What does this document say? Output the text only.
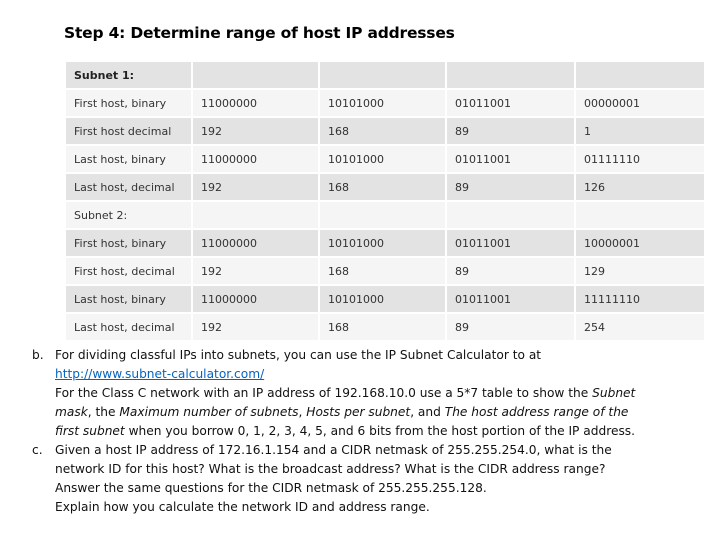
Step 4: Determine range of host IP addresses
Subnet 1:				
First host, binary	11000000	10101000	01011001	00000001
First host decimal	192	168	89	1
Last host, binary	11000000	10101000	01011001	01111110
Last host, decimal	192	168	89	126
Subnet 2:				
First host, binary	11000000	10101000	01011001	10000001
First host, decimal	192	168	89	129
Last host, binary	11000000	10101000	01011001	11111110
Last host, decimal	192	168	89	254
b. For dividing classful IPs into subnets, you can use the IP Subnet Calculator to at
http://www.subnet-calculator.com/
For the Class C network with an IP address of 192.168.10.0 use a 5*7 table to show the Subnet
mask, the Maximum number of subnets, Hosts per subnet, and The host address range of the
first subnet when you borrow 0, 1, 2, 3, 4, 5, and 6 bits from the host portion of the IP address.
c. Given a host IP address of 172.16.1.154 and a CIDR netmask of 255.255.254.0, what is the
network ID for this host? What is the broadcast address? What is the CIDR address range?
Answer the same questions for the CIDR netmask of 255.255.255.128.
Explain how you calculate the network ID and address range.
